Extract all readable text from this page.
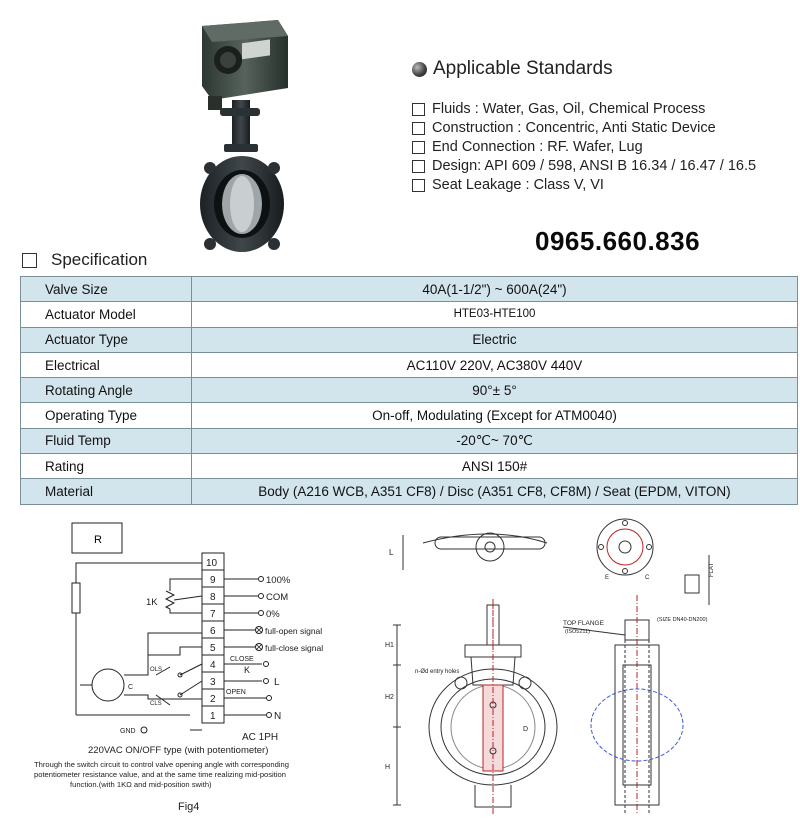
Applicable Standards
Fluids : Water, Gas, Oil, Chemical Process
Construction : Concentric, Anti Static Device
End Connection : RF. Wafer, Lug
Design: API 609 / 598, ANSI B 16.34 / 16.47 / 16.5
Seat Leakage : Class V, VI
0965.660.836
Specification
Valve Size	40A(1-1/2") ~ 600A(24")
Actuator Model	HTE03-HTE100
Actuator Type	Electric
Electrical	AC110V 220V, AC380V 440V
Rotating Angle	90°± 5°
Operating Type	On-off, Modulating (Except for ATM0040)
Fluid Temp	-20℃~ 70℃
Rating	ANSI 150#
Material	Body (A216 WCB, A351 CF8) / Disc (A351 CF8, CF8M) / Seat (EPDM, VITON)
R
10
9
8
7
6
5
4
3
2
1
1K
100%
COM
0%
full-open signal
full-close signal
CLOSE
K
OPEN
L
N
AC 1PH
GND
OLS
CLS
C
220VAC ON/OFF type (with potentiometer)
Through the switch circuit to control valve opening angle with corresponding
potentiometer resistance value, and at the same time realizing mid-position
function.(with 1KΩ and mid-position swith)
Fig4
L
H1
H2
H
D
E	C
n-Ød entry holes
TOP FLANGE
(ISO5211)
(SIZE DN40-DN200)
FLAT
